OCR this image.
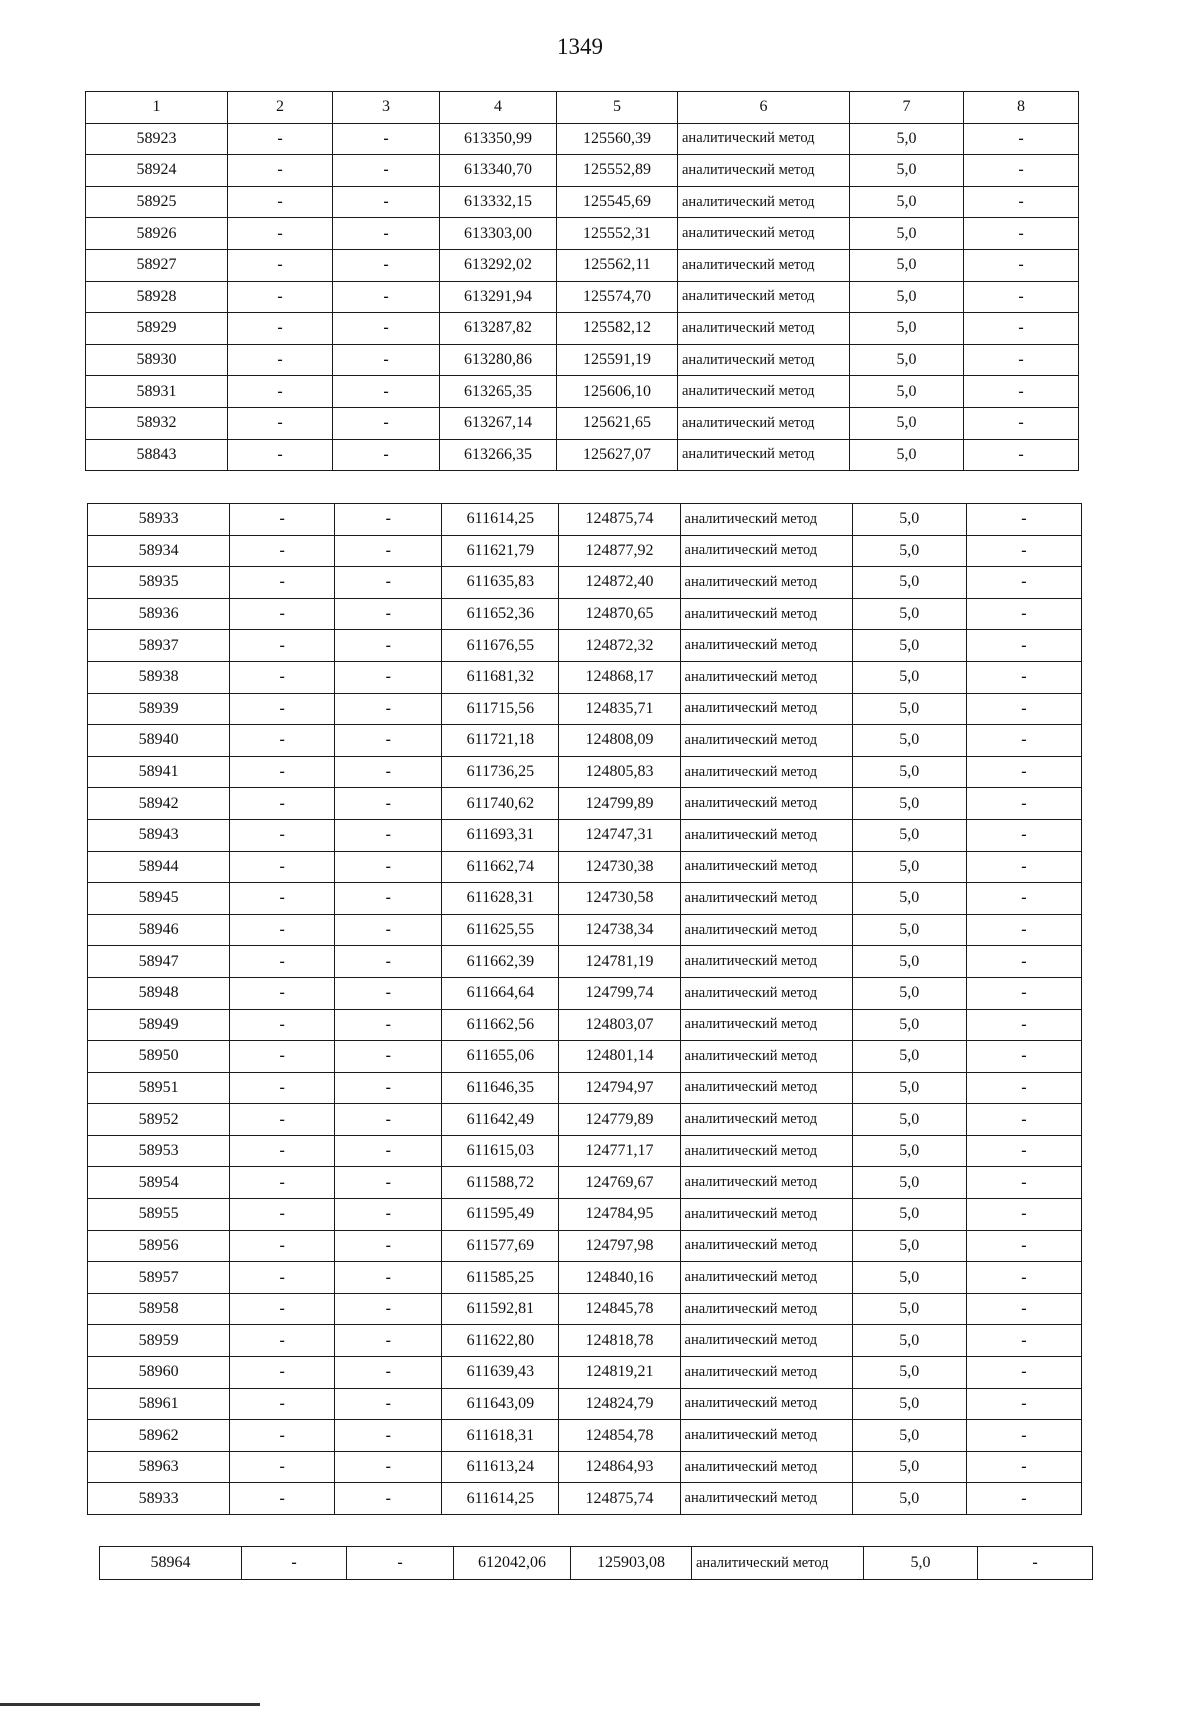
1349
1	2	3	4	5	6	7	8
58923	-	-	613350,99	125560,39	аналитический метод	5,0	-
58924	-	-	613340,70	125552,89	аналитический метод	5,0	-
58925	-	-	613332,15	125545,69	аналитический метод	5,0	-
58926	-	-	613303,00	125552,31	аналитический метод	5,0	-
58927	-	-	613292,02	125562,11	аналитический метод	5,0	-
58928	-	-	613291,94	125574,70	аналитический метод	5,0	-
58929	-	-	613287,82	125582,12	аналитический метод	5,0	-
58930	-	-	613280,86	125591,19	аналитический метод	5,0	-
58931	-	-	613265,35	125606,10	аналитический метод	5,0	-
58932	-	-	613267,14	125621,65	аналитический метод	5,0	-
58843	-	-	613266,35	125627,07	аналитический метод	5,0	-
58933	-	-	611614,25	124875,74	аналитический метод	5,0	-
58934	-	-	611621,79	124877,92	аналитический метод	5,0	-
58935	-	-	611635,83	124872,40	аналитический метод	5,0	-
58936	-	-	611652,36	124870,65	аналитический метод	5,0	-
58937	-	-	611676,55	124872,32	аналитический метод	5,0	-
58938	-	-	611681,32	124868,17	аналитический метод	5,0	-
58939	-	-	611715,56	124835,71	аналитический метод	5,0	-
58940	-	-	611721,18	124808,09	аналитический метод	5,0	-
58941	-	-	611736,25	124805,83	аналитический метод	5,0	-
58942	-	-	611740,62	124799,89	аналитический метод	5,0	-
58943	-	-	611693,31	124747,31	аналитический метод	5,0	-
58944	-	-	611662,74	124730,38	аналитический метод	5,0	-
58945	-	-	611628,31	124730,58	аналитический метод	5,0	-
58946	-	-	611625,55	124738,34	аналитический метод	5,0	-
58947	-	-	611662,39	124781,19	аналитический метод	5,0	-
58948	-	-	611664,64	124799,74	аналитический метод	5,0	-
58949	-	-	611662,56	124803,07	аналитический метод	5,0	-
58950	-	-	611655,06	124801,14	аналитический метод	5,0	-
58951	-	-	611646,35	124794,97	аналитический метод	5,0	-
58952	-	-	611642,49	124779,89	аналитический метод	5,0	-
58953	-	-	611615,03	124771,17	аналитический метод	5,0	-
58954	-	-	611588,72	124769,67	аналитический метод	5,0	-
58955	-	-	611595,49	124784,95	аналитический метод	5,0	-
58956	-	-	611577,69	124797,98	аналитический метод	5,0	-
58957	-	-	611585,25	124840,16	аналитический метод	5,0	-
58958	-	-	611592,81	124845,78	аналитический метод	5,0	-
58959	-	-	611622,80	124818,78	аналитический метод	5,0	-
58960	-	-	611639,43	124819,21	аналитический метод	5,0	-
58961	-	-	611643,09	124824,79	аналитический метод	5,0	-
58962	-	-	611618,31	124854,78	аналитический метод	5,0	-
58963	-	-	611613,24	124864,93	аналитический метод	5,0	-
58933	-	-	611614,25	124875,74	аналитический метод	5,0	-
58964	-	-	612042,06	125903,08	аналитический метод	5,0	-
